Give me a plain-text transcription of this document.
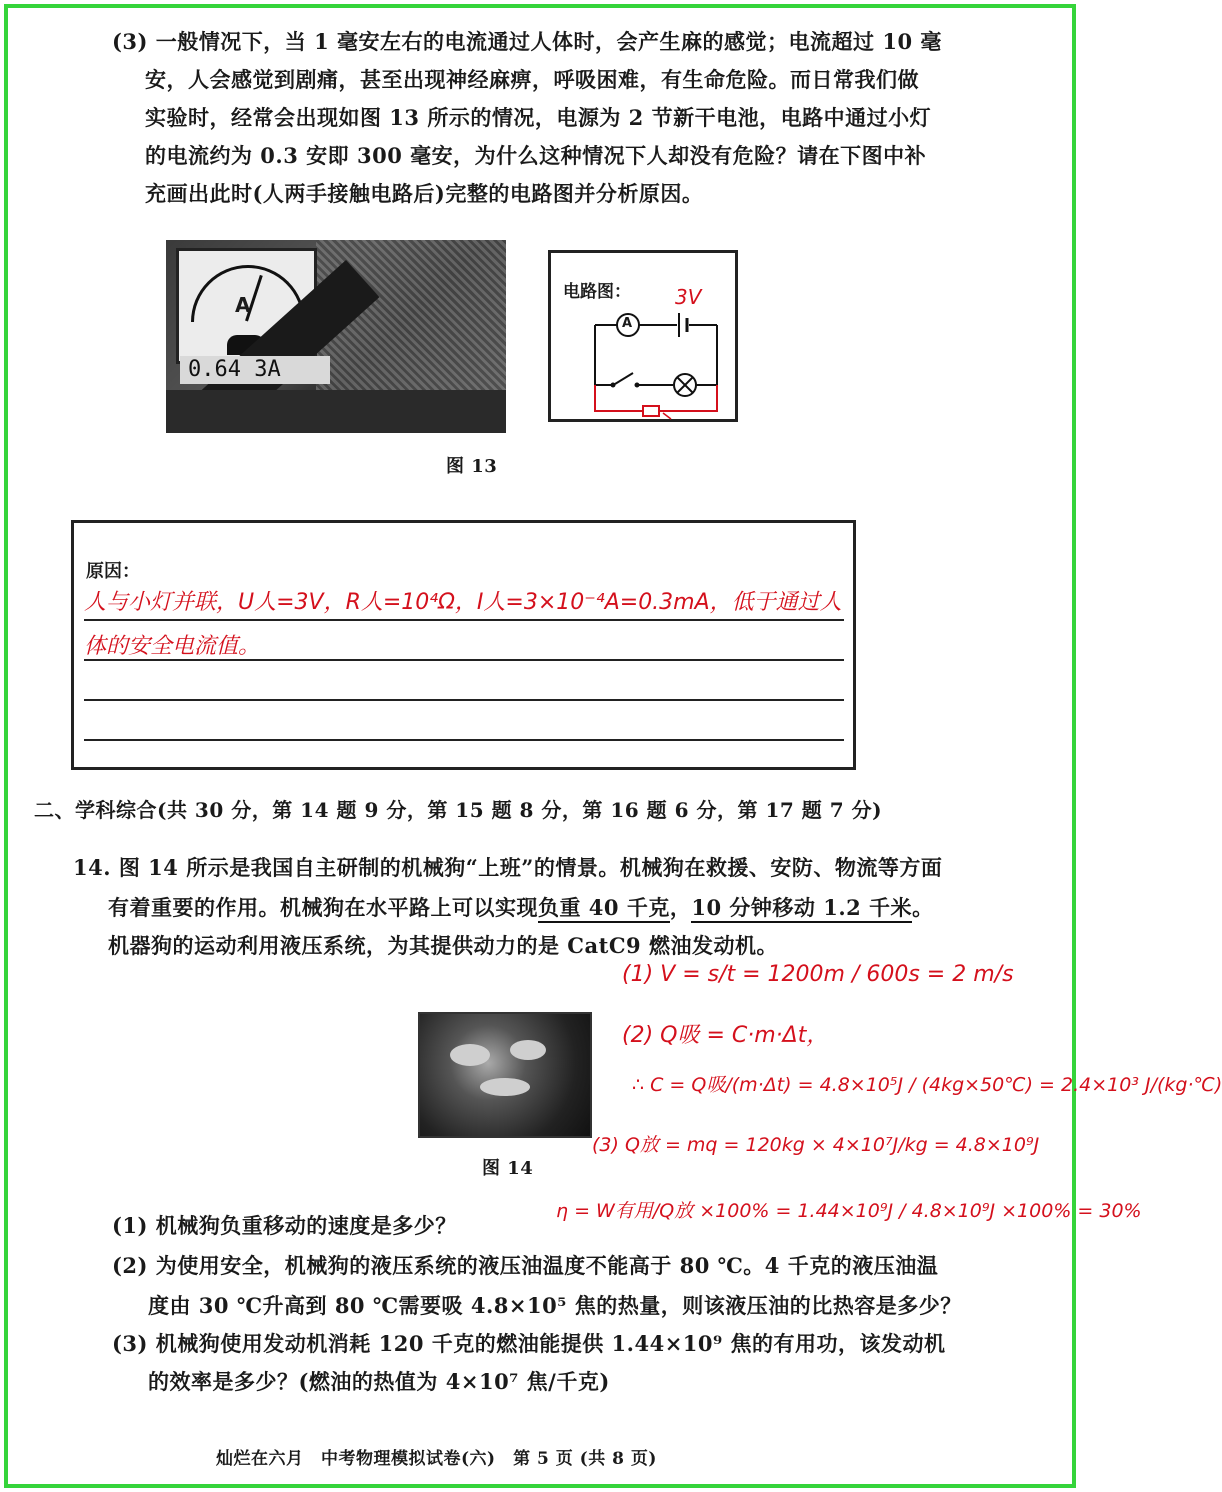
(3) 一般情况下，当 1 毫安左右的电流通过人体时，会产生麻的感觉；电流超过 10 毫
安，人会感觉到剧痛，甚至出现神经麻痹，呼吸困难，有生命危险。而日常我们做
实验时，经常会出现如图 13 所示的情况，电源为 2 节新干电池，电路中通过小灯
的电流约为 0.3 安即 300 毫安，为什么这种情况下人却没有危险？请在下图中补
充画出此时(人两手接触电路后)完整的电路图并分析原因。
A
0.64 3A
电路图：
A
3V
图 13
原因：
人与小灯并联，U人=3V，R人=10⁴Ω，I人=3×10⁻⁴A=0.3mA，低于通过人
体的安全电流值。
二、学科综合(共 30 分，第 14 题 9 分，第 15 题 8 分，第 16 题 6 分，第 17 题 7 分)
14. 图 14 所示是我国自主研制的机械狗“上班”的情景。机械狗在救援、安防、物流等方面
有着重要的作用。机械狗在水平路上可以实现负重 40 千克，10 分钟移动 1.2 千米。
机器狗的运动利用液压系统，为其提供动力的是 CatC9 燃油发动机。
(1) V = s/t = 1200m / 600s = 2 m/s
(2) Q吸 = C·m·Δt，
∴ C = Q吸/(m·Δt) = 4.8×10⁵J / (4kg×50℃) = 2.4×10³ J/(kg·℃)
(3) Q放 = mq = 120kg × 4×10⁷J/kg = 4.8×10⁹J
η = W有用/Q放 ×100% = 1.44×10⁹J / 4.8×10⁹J ×100% = 30%
图 14
(1) 机械狗负重移动的速度是多少？
(2) 为使用安全，机械狗的液压系统的液压油温度不能高于 80 ℃。4 千克的液压油温
度由 30 ℃升高到 80 ℃需要吸 4.8×10⁵ 焦的热量，则该液压油的比热容是多少？
(3) 机械狗使用发动机消耗 120 千克的燃油能提供 1.44×10⁹ 焦的有用功，该发动机
的效率是多少？(燃油的热值为 4×10⁷ 焦/千克)
灿烂在六月　中考物理模拟试卷(六)　第 5 页 (共 8 页)
